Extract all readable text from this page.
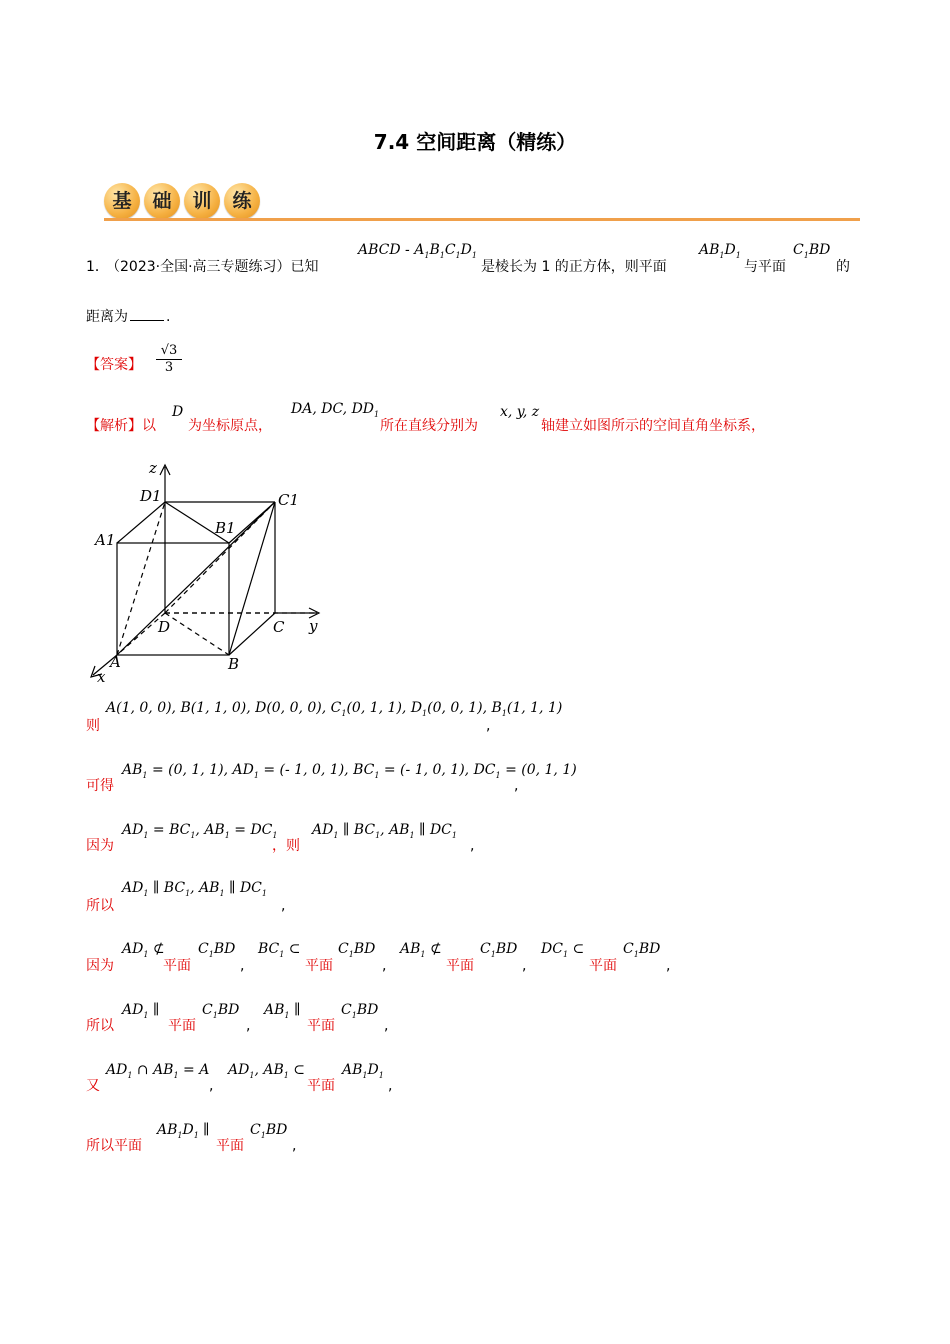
7.4 空间距离（精练）
基 础 训 练
1．
（2023·全国·高三专题练习）已知
ABCD - $A_1B_1C_1D_1$
是棱长为 1 的正方体，则平面
$AB_1D_1$
与平面
$C_1BD$
的
距离为	.
【答案】 $\frac{√3}{3}$
【解析】以
D
为坐标原点，
DA, DC, $DD_1$
所在直线分别为
x, y, z
轴建立如图所示的空间直角坐标系，
z
y
x
D1	C1
B1
A1
D	C
A	B
则
A(1, 0, 0), B(1, 1, 0), D(0, 0, 0), $C_1(0$, 1, 1), $D_1(0$, 0, 1), $B_1(1$, 1, 1)
,
可得
$AB_1 = (0$, 1, 1), $AD_1$ = (- 1, 0, 1), $BC_1$ = (- 1, 0, 1), $DC_1 = (0$, 1, 1)
,
因为
$AD_1 = BC_1$, $AB_1 = DC_1$
，则
$AD_1$ ∥ $BC_1$, $AB_1$ ∥ $DC_1$
,
所以
$AD_1$ ∥ $BC_1$, $AB_1$ ∥ $DC_1$
,
因为
$AD_1$ ⊄
平面
$C_1BD$
,
$BC_1$ ⊂
平面
$C_1BD$
,
$AB_1$ ⊄
平面
$C_1BD$
,
$DC_1$ ⊂
平面
$C_1BD$
,
所以
$AD_1$ ∥
平面
$C_1BD$
,
$AB_1$ ∥
平面
$C_1BD$
,
又
$AD_1$ ∩ $AB_1 = A$
,
$AD_1$, $AB_1$ ⊂
平面
$AB_1D_1$
,
所以平面
$AB_1D_1$ ∥
平面
$C_1BD$
,
